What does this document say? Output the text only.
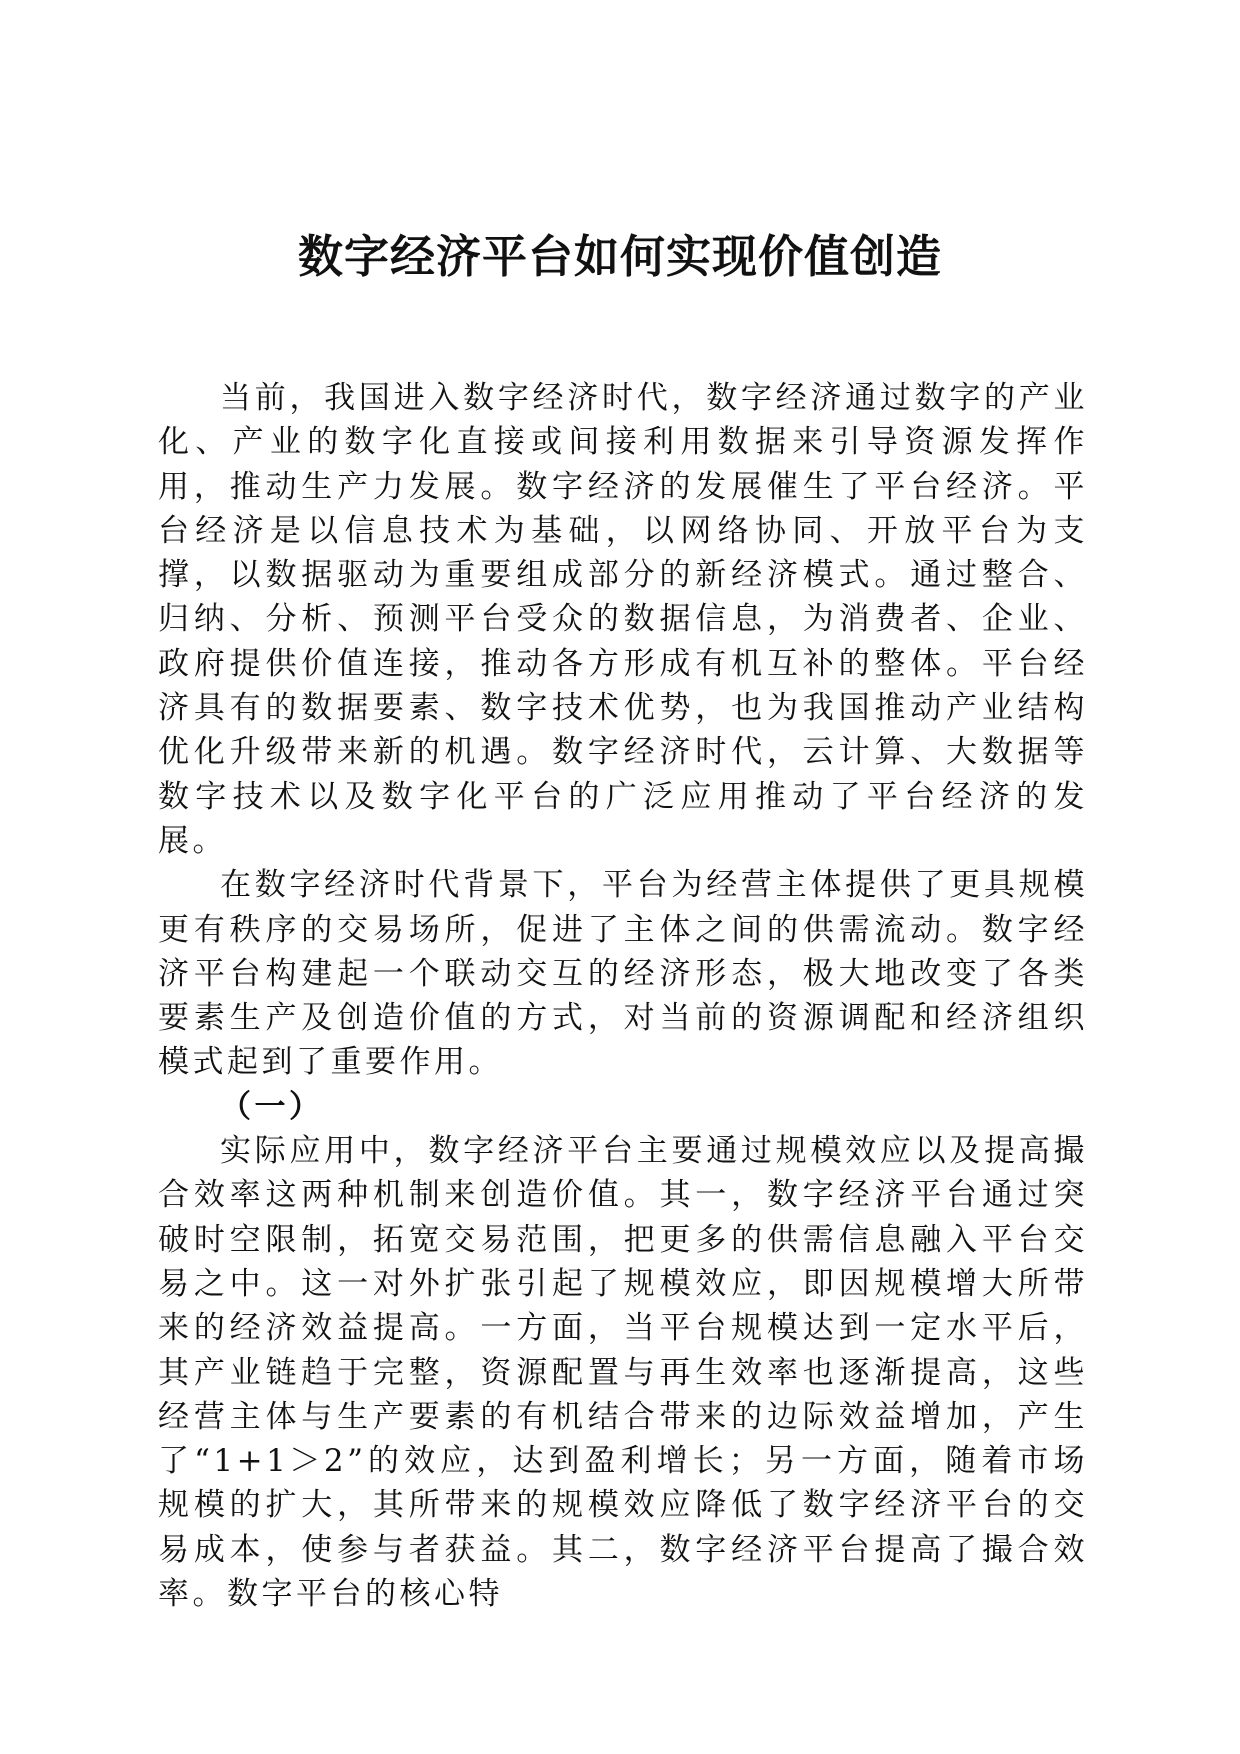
数字经济平台如何实现价值创造

当前，我国进入数字经济时代，数字经济通过数字的产业化、产业的数字化直接或间接利用数据来引导资源发挥作用，推动生产力发展。数字经济的发展催生了平台经济。平台经济是以信息技术为基础，以网络协同、开放平台为支撑，以数据驱动为重要组成部分的新经济模式。通过整合、归纳、分析、预测平台受众的数据信息，为消费者、企业、政府提供价值连接，推动各方形成有机互补的整体。平台经济具有的数据要素、数字技术优势，也为我国推动产业结构优化升级带来新的机遇。数字经济时代，云计算、大数据等数字技术以及数字化平台的广泛应用推动了平台经济的发展。

在数字经济时代背景下，平台为经营主体提供了更具规模更有秩序的交易场所，促进了主体之间的供需流动。数字经济平台构建起一个联动交互的经济形态，极大地改变了各类要素生产及创造价值的方式，对当前的资源调配和经济组织模式起到了重要作用。

（一）

实际应用中，数字经济平台主要通过规模效应以及提高撮合效率这两种机制来创造价值。其一，数字经济平台通过突破时空限制，拓宽交易范围，把更多的供需信息融入平台交易之中。这一对外扩张引起了规模效应，即因规模增大所带来的经济效益提高。一方面，当平台规模达到一定水平后，其产业链趋于完整，资源配置与再生效率也逐渐提高，这些经营主体与生产要素的有机结合带来的边际效益增加，产生了“1+1＞2”的效应，达到盈利增长；另一方面，随着市场规模的扩大，其所带来的规模效应降低了数字经济平台的交易成本，使参与者获益。其二，数字经济平台提高了撮合效率。数字平台的核心特
